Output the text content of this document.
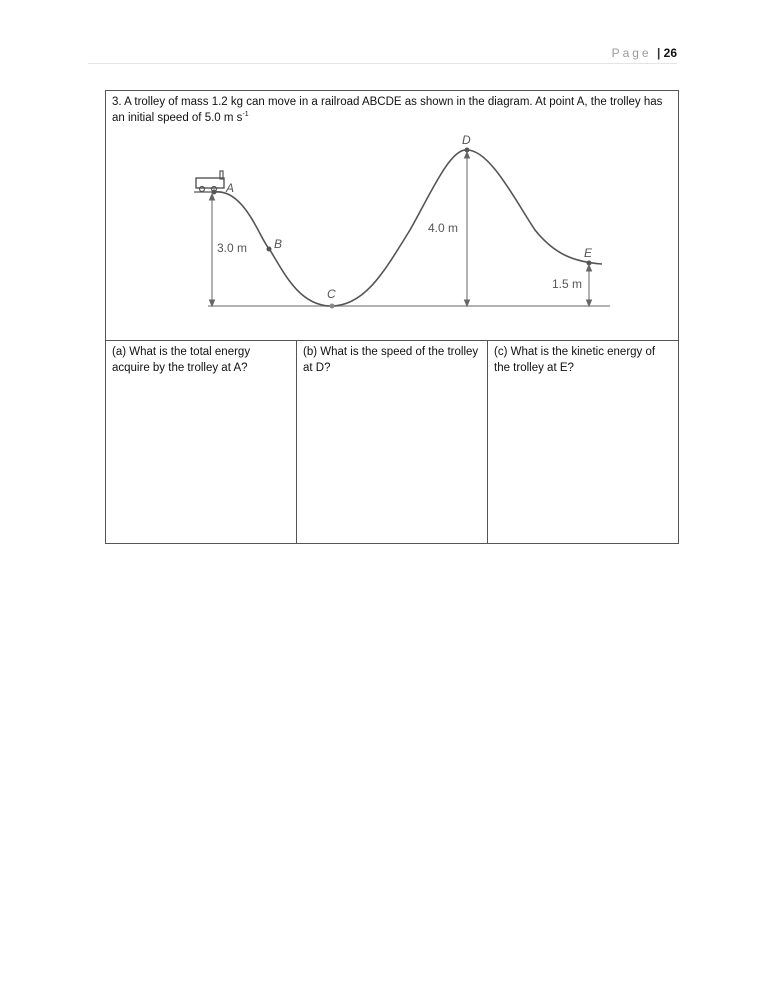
Page | 26
3. A trolley of mass 1.2 kg can move in a railroad ABCDE as shown in the diagram. At point A, the trolley has an initial speed of 5.0 m $s^{-1}$
A
B
C
D
E
3.0 m
4.0 m
1.5 m

(a) What is the total energy acquire by the trolley at A?	(b) What is the speed of the trolley at D?	(c) What is the kinetic energy of the trolley at E?
